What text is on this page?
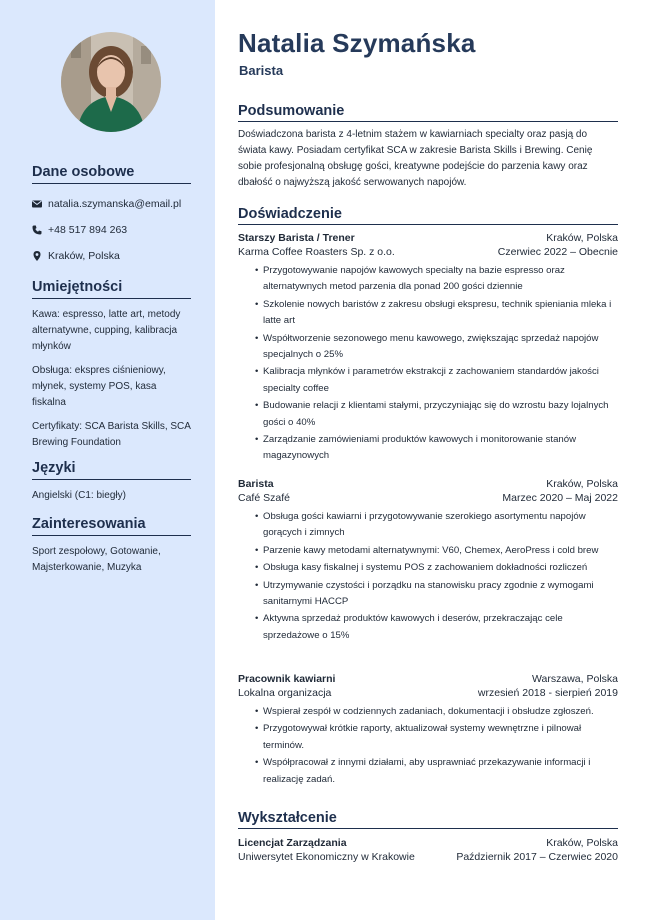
Dane osobowe
natalia.szymanska@email.pl
+48 517 894 263
Kraków, Polska
Umiejętności

Kawa: espresso, latte art, metody alternatywne, cupping, kalibracja młynków

Obsługa: ekspres ciśnieniowy, młynek, systemy POS, kasa fiskalna

Certyfikaty: SCA Barista Skills, SCA Brewing Foundation

Języki

Angielski (C1: biegły)

Zainteresowania

Sport zespołowy, Gotowanie, Majsterkowanie, Muzyka

Natalia Szymańska
Barista
Podsumowanie
Doświadczona barista z 4-letnim stażem w kawiarniach specialty oraz pasją do świata kawy. Posiadam certyfikat SCA w zakresie Barista Skills i Brewing. Cenię sobie profesjonalną obsługę gości, kreatywne podejście do parzenia kawy oraz dbałość o najwyższą jakość serwowanych napojów.
Doświadczenie
Starszy Barista / Trener	Kraków, Polska
Karma Coffee Roasters Sp. z o.o.	Czerwiec 2022 – Obecnie
• Przygotowywanie napojów kawowych specialty na bazie espresso oraz alternatywnych metod parzenia dla ponad 200 gości dziennie
• Szkolenie nowych baristów z zakresu obsługi ekspresu, technik spieniania mleka i latte art
• Współtworzenie sezonowego menu kawowego, zwiększając sprzedaż napojów specjalnych o 25%
• Kalibracja młynków i parametrów ekstrakcji z zachowaniem standardów jakości specialty coffee
• Budowanie relacji z klientami stałymi, przyczyniając się do wzrostu bazy lojalnych gości o 40%
• Zarządzanie zamówieniami produktów kawowych i monitorowanie stanów magazynowych
Barista	Kraków, Polska
Café Szafé	Marzec 2020 – Maj 2022
• Obsługa gości kawiarni i przygotowywanie szerokiego asortymentu napojów gorących i zimnych
• Parzenie kawy metodami alternatywnymi: V60, Chemex, AeroPress i cold brew
• Obsługa kasy fiskalnej i systemu POS z zachowaniem dokładności rozliczeń
• Utrzymywanie czystości i porządku na stanowisku pracy zgodnie z wymogami sanitarnymi HACCP
• Aktywna sprzedaż produktów kawowych i deserów, przekraczając cele sprzedażowe o 15%
Pracownik kawiarni	Warszawa, Polska
Lokalna organizacja	wrzesień 2018 - sierpień 2019
• Wspierał zespół w codziennych zadaniach, dokumentacji i obsłudze zgłoszeń.
• Przygotowywał krótkie raporty, aktualizował systemy wewnętrzne i pilnował terminów.
• Współpracował z innymi działami, aby usprawniać przekazywanie informacji i realizację zadań.
Wykształcenie
Licencjat Zarządzania	Kraków, Polska
Uniwersytet Ekonomiczny w Krakowie	Październik 2017 – Czerwiec 2020
